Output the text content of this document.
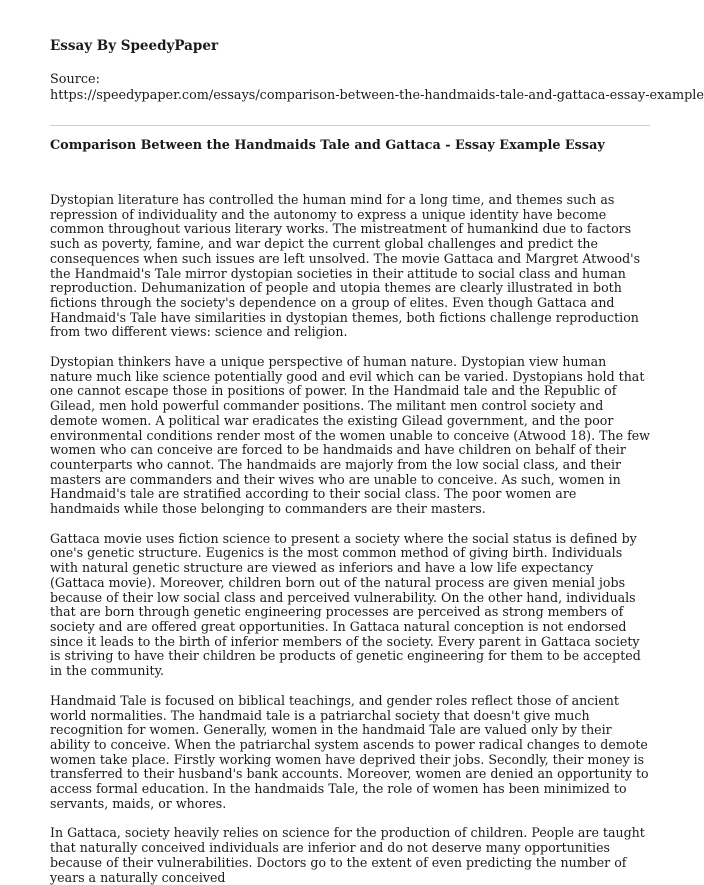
Essay By SpeedyPaper
Source:
https://speedypaper.com/essays/comparison-between-the-handmaids-tale-and-gattaca-essay-example
Comparison Between the Handmaids Tale and Gattaca - Essay Example Essay

Dystopian literature has controlled the human mind for a long time, and themes such as repression of individuality and the autonomy to express a unique identity have become common throughout various literary works. The mistreatment of humankind due to factors such as poverty, famine, and war depict the current global challenges and predict the consequences when such issues are left unsolved. The movie Gattaca and Margret Atwood's the Handmaid's Tale mirror dystopian societies in their attitude to social class and human reproduction. Dehumanization of people and utopia themes are clearly illustrated in both fictions through the society's dependence on a group of elites. Even though Gattaca and Handmaid's Tale have similarities in dystopian themes, both fictions challenge reproduction from two different views: science and religion.

Dystopian thinkers have a unique perspective of human nature. Dystopian view human nature much like science potentially good and evil which can be varied. Dystopians hold that one cannot escape those in positions of power. In the Handmaid tale and the Republic of Gilead, men hold powerful commander positions. The militant men control society and demote women. A political war eradicates the existing Gilead government, and the poor environmental conditions render most of the women unable to conceive (Atwood 18). The few women who can conceive are forced to be handmaids and have children on behalf of their counterparts who cannot. The handmaids are majorly from the low social class, and their masters are commanders and their wives who are unable to conceive. As such, women in Handmaid's tale are stratified according to their social class. The poor women are handmaids while those belonging to commanders are their masters.

Gattaca movie uses fiction science to present a society where the social status is defined by one's genetic structure. Eugenics is the most common method of giving birth. Individuals with natural genetic structure are viewed as inferiors and have a low life expectancy (Gattaca movie). Moreover, children born out of the natural process are given menial jobs because of their low social class and perceived vulnerability. On the other hand, individuals that are born through genetic engineering processes are perceived as strong members of society and are offered great opportunities. In Gattaca natural conception is not endorsed since it leads to the birth of inferior members of the society. Every parent in Gattaca society is striving to have their children be products of genetic engineering for them to be accepted in the community.

Handmaid Tale is focused on biblical teachings, and gender roles reflect those of ancient world normalities. The handmaid tale is a patriarchal society that doesn't give much recognition for women. Generally, women in the handmaid Tale are valued only by their ability to conceive. When the patriarchal system ascends to power radical changes to demote women take place. Firstly working women have deprived their jobs. Secondly, their money is transferred to their husband's bank accounts. Moreover, women are denied an opportunity to access formal education. In the handmaids Tale, the role of women has been minimized to servants, maids, or whores.

In Gattaca, society heavily relies on science for the production of children. People are taught that naturally conceived individuals are inferior and do not deserve many opportunities because of their vulnerabilities. Doctors go to the extent of even predicting the number of years a naturally conceived
